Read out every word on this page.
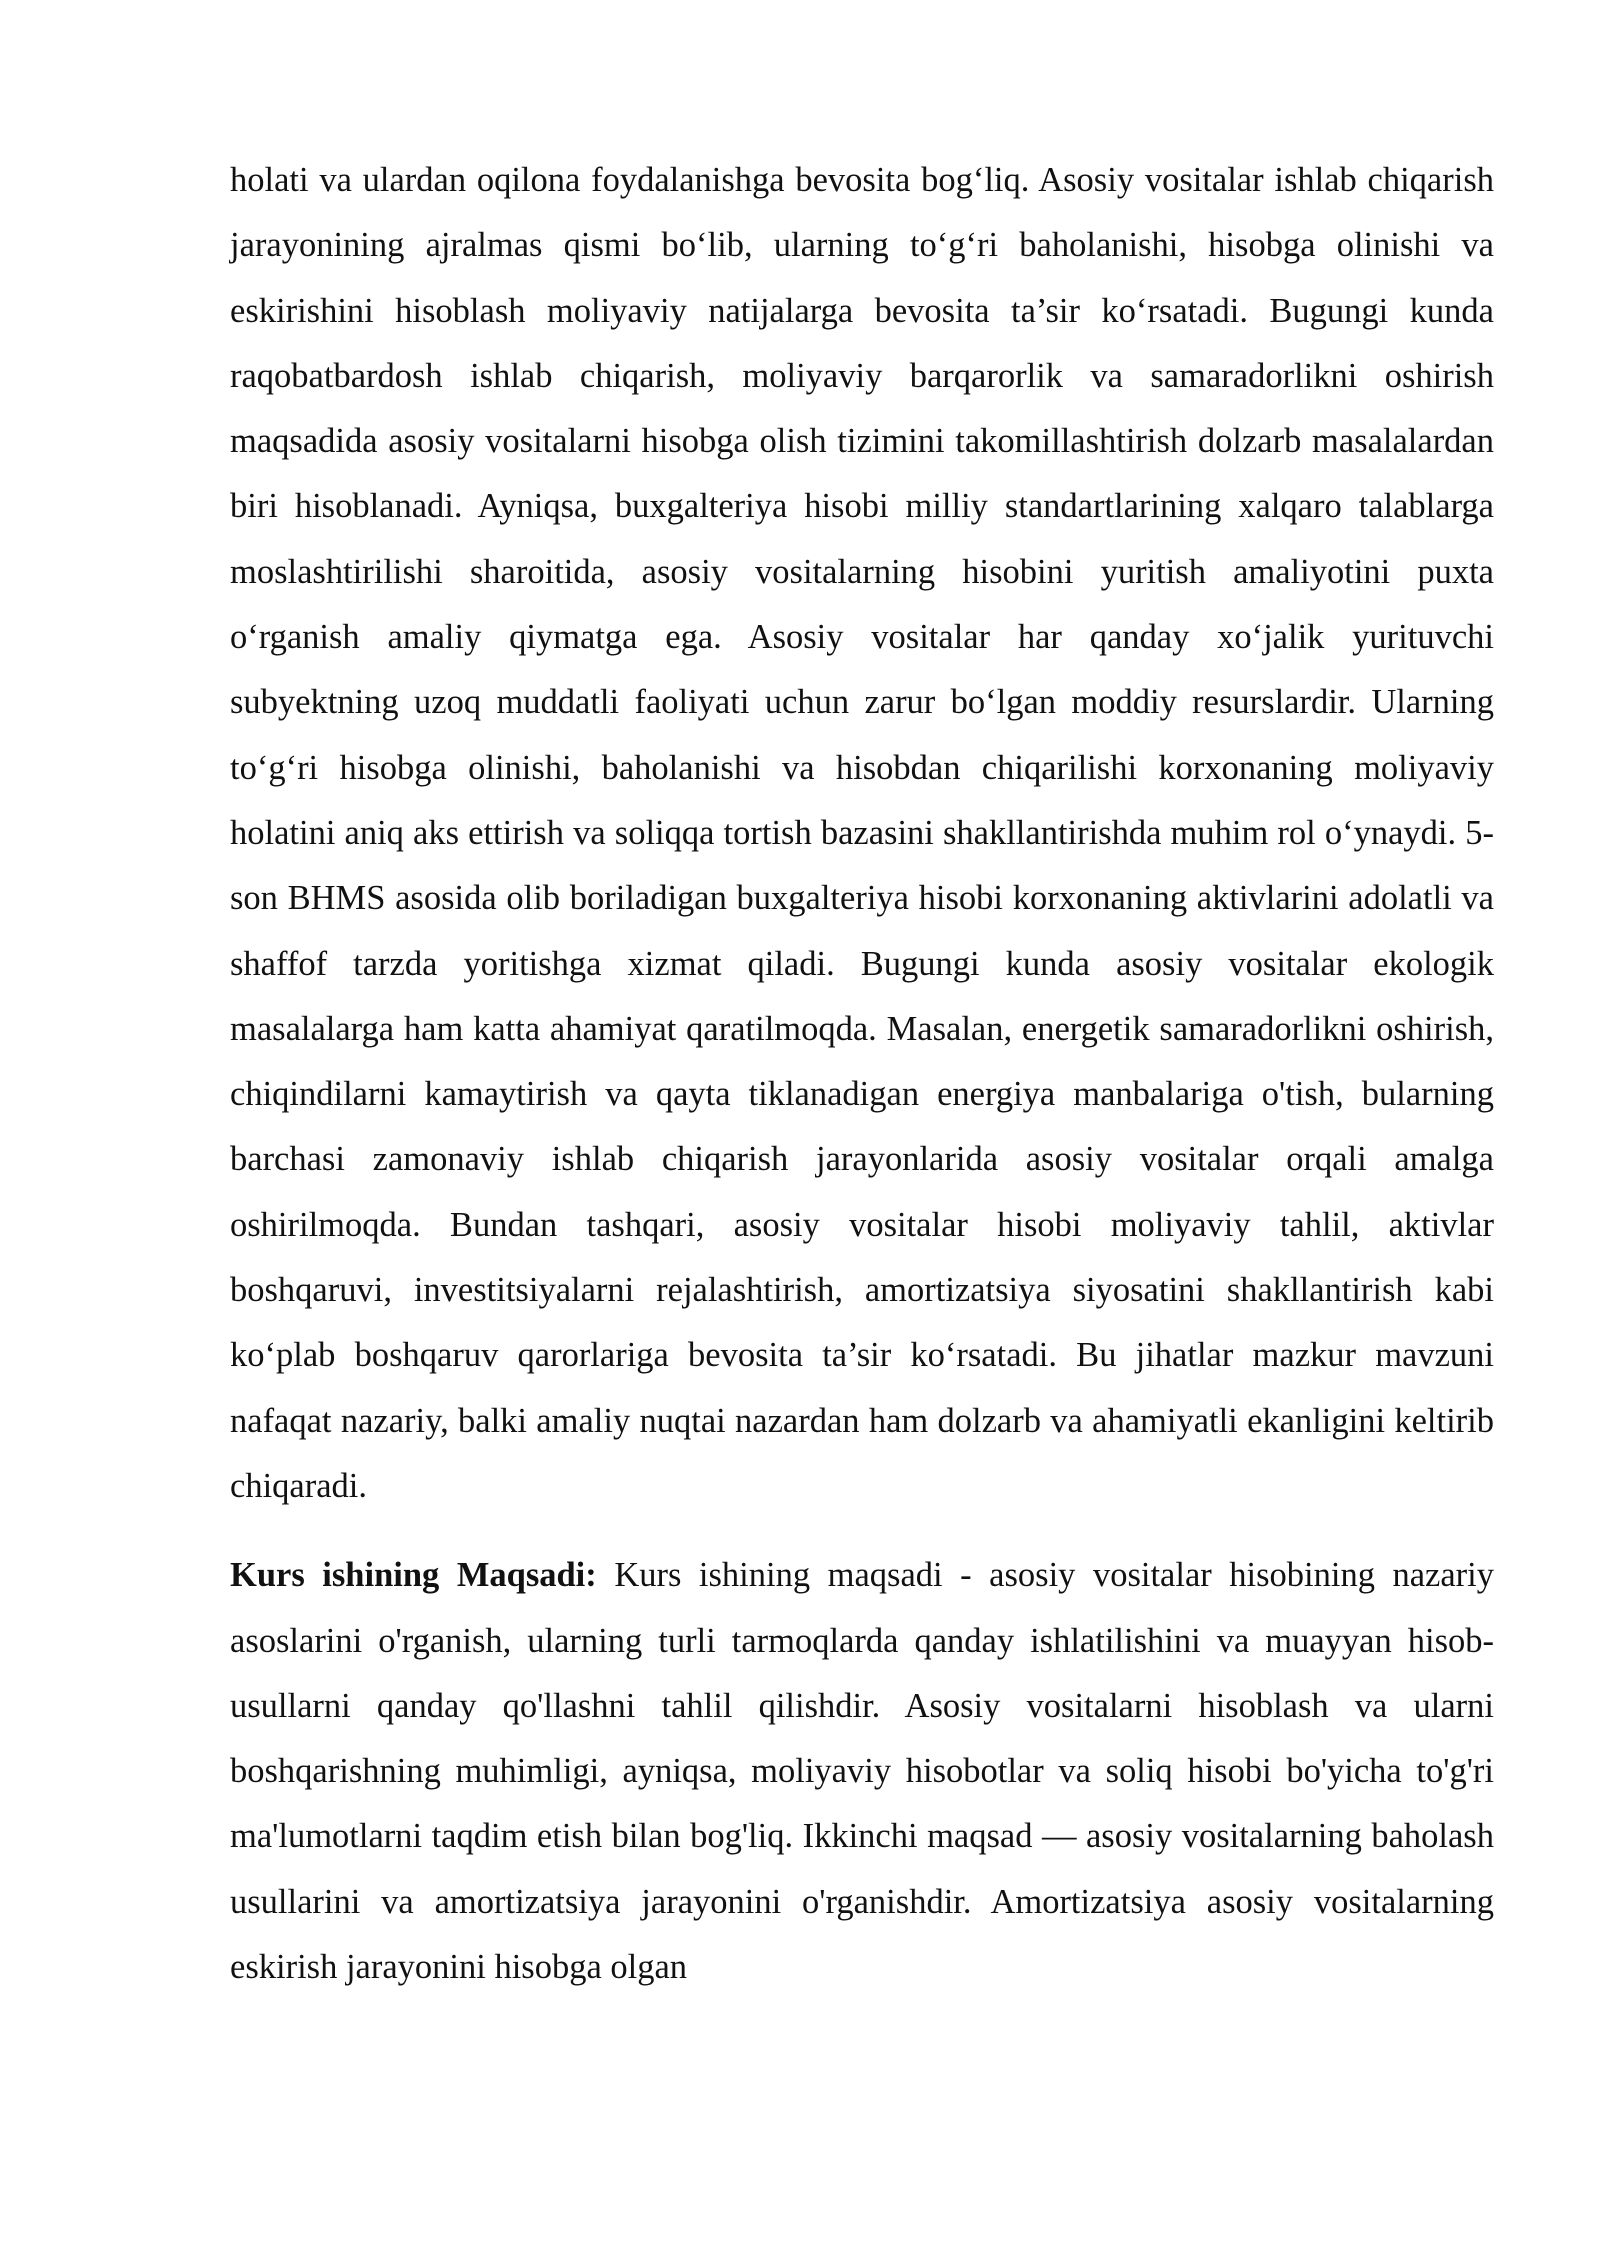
holati va ulardan oqilona foydalanishga bevosita bog‘liq. Asosiy vositalar ishlab chiqarish jarayonining ajralmas qismi bo‘lib, ularning to‘g‘ri baholanishi, hisobga olinishi va eskirishini hisoblash moliyaviy natijalarga bevosita ta’sir ko‘rsatadi. Bugungi kunda raqobatbardosh ishlab chiqarish, moliyaviy barqarorlik va samaradorlikni oshirish maqsadida asosiy vositalarni hisobga olish tizimini takomillashtirish dolzarb masalalardan biri hisoblanadi. Ayniqsa, buxgalteriya hisobi milliy standartlarining xalqaro talablarga moslashtirilishi sharoitida, asosiy vositalarning hisobini yuritish amaliyotini puxta o‘rganish amaliy qiymatga ega. Asosiy vositalar har qanday xo‘jalik yurituvchi subyektning uzoq muddatli faoliyati uchun zarur bo‘lgan moddiy resurslardir. Ularning to‘g‘ri hisobga olinishi, baholanishi va hisobdan chiqarilishi korxonaning moliyaviy holatini aniq aks ettirish va soliqqa tortish bazasini shakllantirishda muhim rol o‘ynaydi. 5-son BHMS asosida olib boriladigan buxgalteriya hisobi korxonaning aktivlarini adolatli va shaffof tarzda yoritishga xizmat qiladi. Bugungi kunda asosiy vositalar ekologik masalalarga ham katta ahamiyat qaratilmoqda. Masalan, energetik samaradorlikni oshirish, chiqindilarni kamaytirish va qayta tiklanadigan energiya manbalariga o'tish, bularning barchasi zamonaviy ishlab chiqarish jarayonlarida asosiy vositalar orqali amalga oshirilmoqda. Bundan tashqari, asosiy vositalar hisobi moliyaviy tahlil, aktivlar boshqaruvi, investitsiyalarni rejalashtirish, amortizatsiya siyosatini shakllantirish kabi ko‘plab boshqaruv qarorlariga bevosita ta’sir ko‘rsatadi. Bu jihatlar mazkur mavzuni nafaqat nazariy, balki amaliy nuqtai nazardan ham dolzarb va ahamiyatli ekanligini keltirib chiqaradi.

Kurs ishining Maqsadi: Kurs ishining maqsadi - asosiy vositalar hisobining nazariy asoslarini o'rganish, ularning turli tarmoqlarda qanday ishlatilishini va muayyan hisob-usullarni qanday qo'llashni tahlil qilishdir. Asosiy vositalarni hisoblash va ularni boshqarishning muhimligi, ayniqsa, moliyaviy hisobotlar va soliq hisobi bo'yicha to'g'ri ma'lumotlarni taqdim etish bilan bog'liq. Ikkinchi maqsad — asosiy vositalarning baholash usullarini va amortizatsiya jarayonini o'rganishdir. Amortizatsiya asosiy vositalarning eskirish jarayonini hisobga olgan
